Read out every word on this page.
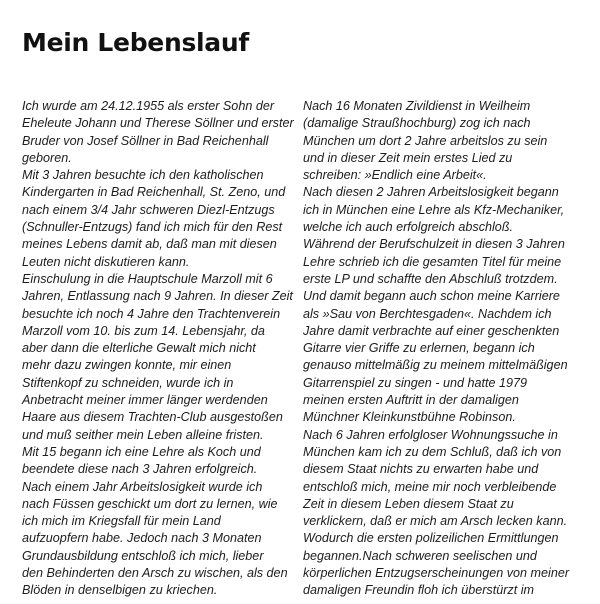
Mein Lebenslauf
Ich wurde am 24.12.1955 als erster Sohn der
Eheleute Johann und Therese Söllner und erster
Bruder von Josef Söllner in Bad Reichenhall
geboren.
Mit 3 Jahren besuchte ich den katholischen
Kindergarten in Bad Reichenhall, St. Zeno, und
nach einem 3/4 Jahr schweren Diezl-Entzugs
(Schnuller-Entzugs) fand ich mich für den Rest
meines Lebens damit ab, daß man mit diesen
Leuten nicht diskutieren kann.
Einschulung in die Hauptschule Marzoll mit 6
Jahren, Entlassung nach 9 Jahren. In dieser Zeit
besuchte ich noch 4 Jahre den Trachtenverein
Marzoll vom 10. bis zum 14. Lebensjahr, da
aber dann die elterliche Gewalt mich nicht
mehr dazu zwingen konnte, mir einen
Stiftenkopf zu schneiden, wurde ich in
Anbetracht meiner immer länger werdenden
Haare aus diesem Trachten-Club ausgestoßen
und muß seither mein Leben alleine fristen.
Mit 15 begann ich eine Lehre als Koch und
beendete diese nach 3 Jahren erfolgreich.
Nach einem Jahr Arbeitslosigkeit wurde ich
nach Füssen geschickt um dort zu lernen, wie
ich mich im Kriegsfall für mein Land
aufzuopfern habe. Jedoch nach 3 Monaten
Grundausbildung entschloß ich mich, lieber
den Behinderten den Arsch zu wischen, als den
Blöden in denselbigen zu kriechen.
Nach 16 Monaten Zivildienst in Weilheim
(damalige Straußhochburg) zog ich nach
München um dort 2 Jahre arbeitslos zu sein
und in dieser Zeit mein erstes Lied zu
schreiben: »Endlich eine Arbeit«.
Nach diesen 2 Jahren Arbeitslosigkeit begann
ich in München eine Lehre als Kfz-Mechaniker,
welche ich auch erfolgreich abschloß.
Während der Berufschulzeit in diesen 3 Jahren
Lehre schrieb ich die gesamten Titel für meine
erste LP und schaffte den Abschluß trotzdem.
Und damit begann auch schon meine Karriere
als »Sau von Berchtesgaden«. Nachdem ich
Jahre damit verbrachte auf einer geschenkten
Gitarre vier Griffe zu erlernen, begann ich
genauso mittelmäßig zu meinem mittelmäßigen
Gitarrenspiel zu singen - und hatte 1979
meinen ersten Auftritt in der damaligen
Münchner Kleinkunstbühne Robinson.
Nach 6 Jahren erfolgloser Wohnungssuche in
München kam ich zu dem Schluß, daß ich von
diesem Staat nichts zu erwarten habe und
entschloß mich, meine mir noch verbleibende
Zeit in diesem Leben diesem Staat zu
verklickern, daß er mich am Arsch lecken kann.
Wodurch die ersten polizeilichen Ermittlungen
begannen.Nach schweren seelischen und
körperlichen Entzugserscheinungen von meiner
damaligen Freundin floh ich überstürzt im
